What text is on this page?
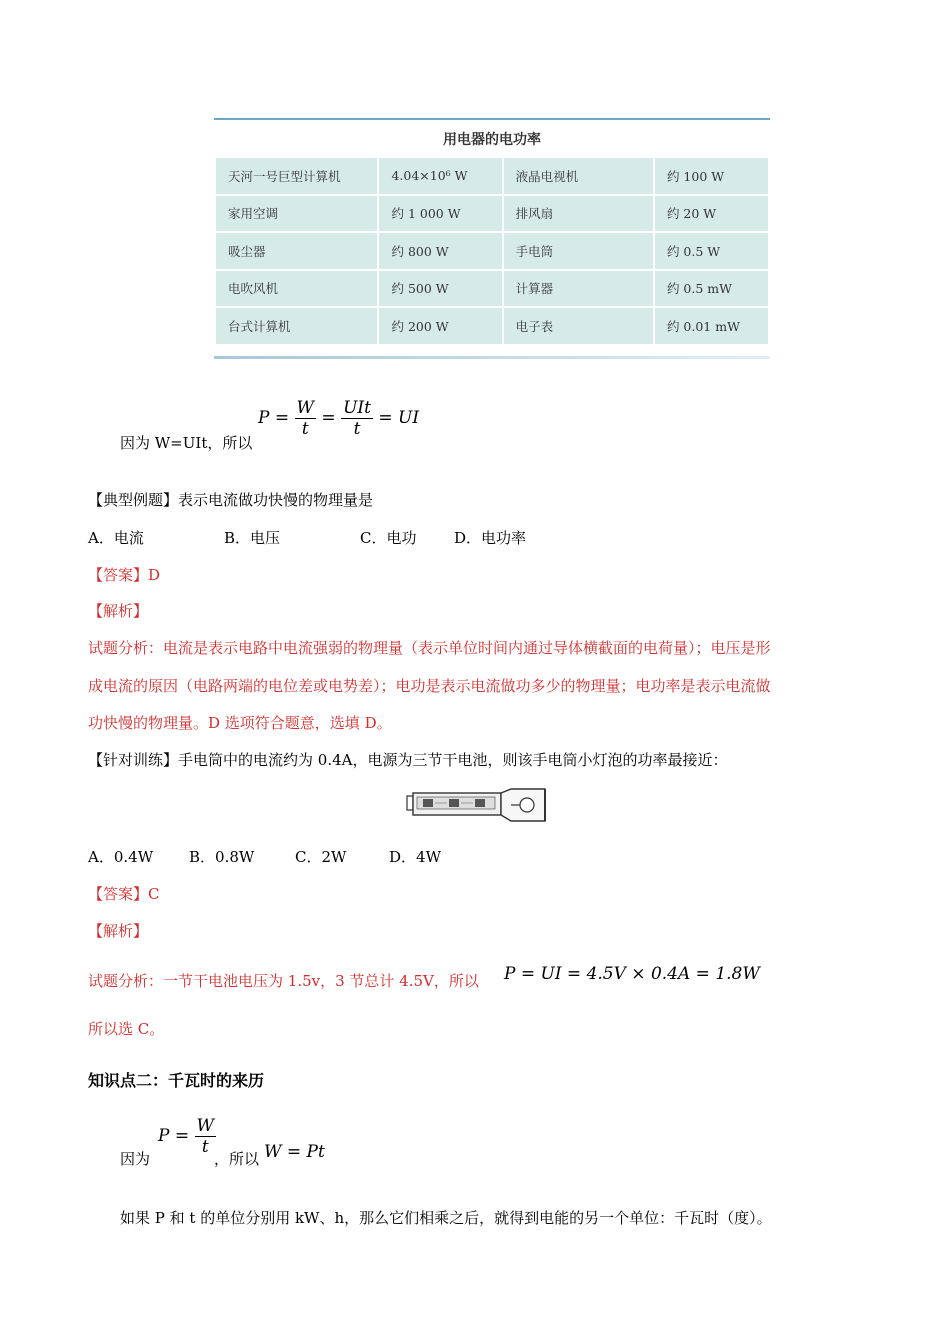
用电器的电功率
天河一号巨型计算机	4.04×10⁶ W	液晶电视机	约 100 W
家用空调	约 1 000 W	排风扇	约 20 W
吸尘器	约 800 W	手电筒	约 0.5 W
电吹风机	约 500 W	计算器	约 0.5 mW
台式计算机	约 200 W	电子表	约 0.01 mW
因为 W=UIt，所以
$P = \frac{W}{t} = \frac{\text{UIt}}{t}$ = UI
【典型例题】表示电流做功快慢的物理量是
A．电流	B．电压	C．电功	D．电功率
【答案】D
【解析】
试题分析：电流是表示电路中电流强弱的物理量（表示单位时间内通过导体横截面的电荷量）；电压是形
成电流的原因（电路两端的电位差或电势差）；电功是表示电流做功多少的物理量；电功率是表示电流做
功快慢的物理量。D 选项符合题意，选填 D。
【针对训练】手电筒中的电流约为 0.4A，电源为三节干电池，则该手电筒小灯泡的功率最接近：
A．0.4W B．0.8W	C．2W	D．4W
【答案】C
【解析】
试题分析：一节干电池电压为 1.5v，3 节总计 4.5V，所以 P = UI = 4.5V × 0.4A = 1.8W
所以选 C。
知识点二：千瓦时的来历
因为
$P = \frac{W}{t}$
，所以 W = Pt
如果 P 和 t 的单位分别用 kW、h，那么它们相乘之后，就得到电能的另一个单位：千瓦时（度）。
